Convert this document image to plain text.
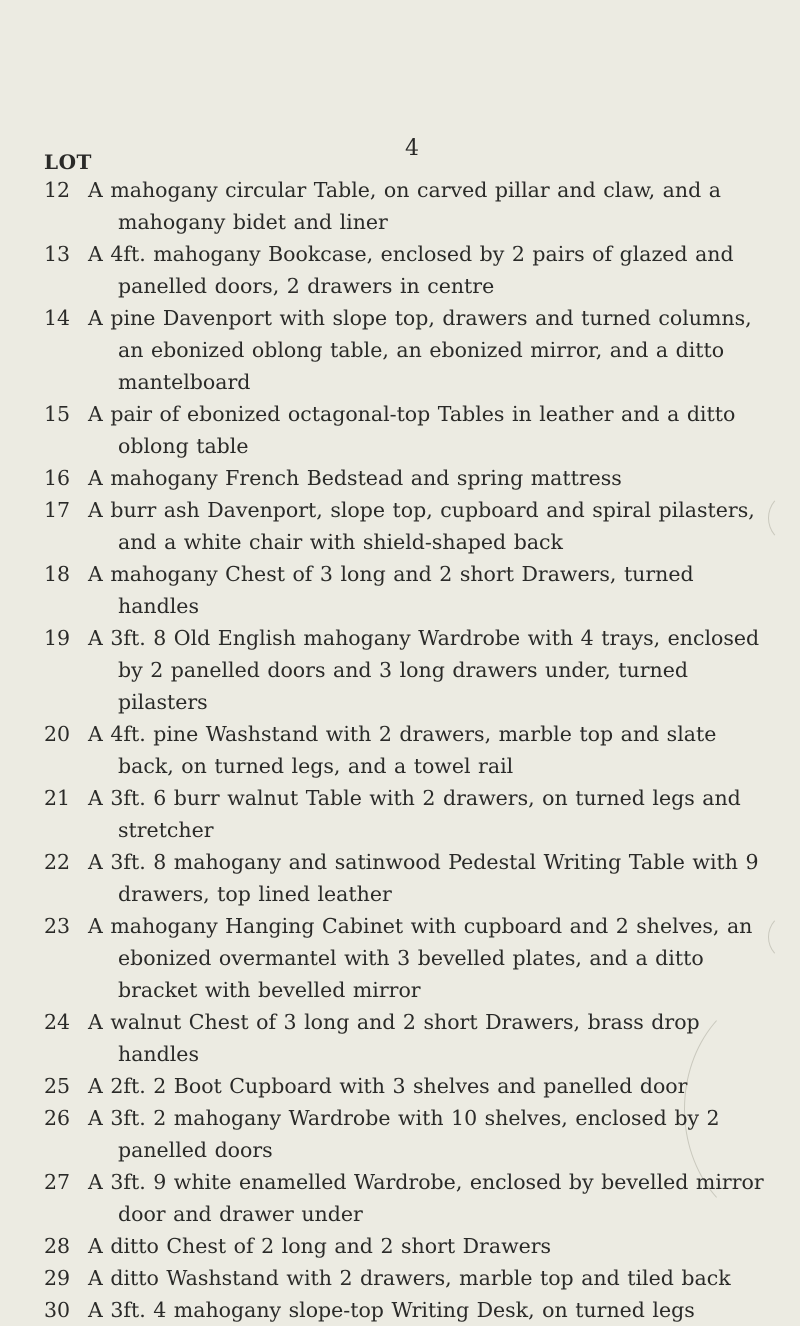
4
LOT
12 A mahogany circular Table, on carved pillar and claw, and a mahogany bidet and liner
13 A 4ft. mahogany Bookcase, enclosed by 2 pairs of glazed and panelled doors, 2 drawers in centre
14 A pine Davenport with slope top, drawers and turned columns, an ebonized oblong table, an ebonized mirror, and a ditto mantelboard
15 A pair of ebonized octagonal-top Tables in leather and a ditto oblong table
16 A mahogany French Bedstead and spring mattress
17 A burr ash Davenport, slope top, cupboard and spiral pilasters, and a white chair with shield-shaped back
18 A mahogany Chest of 3 long and 2 short Drawers, turned handles
19 A 3ft. 8 Old English mahogany Wardrobe with 4 trays, enclosed by 2 panelled doors and 3 long drawers under, turned pilasters
20 A 4ft. pine Washstand with 2 drawers, marble top and slate back, on turned legs, and a towel rail
21 A 3ft. 6 burr walnut Table with 2 drawers, on turned legs and stretcher
22 A 3ft. 8 mahogany and satinwood Pedestal Writing Table with 9 drawers, top lined leather
23 A mahogany Hanging Cabinet with cupboard and 2 shelves, an ebonized overmantel with 3 bevelled plates, and a ditto bracket with bevelled mirror
24 A walnut Chest of 3 long and 2 short Drawers, brass drop handles
25 A 2ft. 2 Boot Cupboard with 3 shelves and panelled door
26 A 3ft. 2 mahogany Wardrobe with 10 shelves, enclosed by 2 panelled doors
27 A 3ft. 9 white enamelled Wardrobe, enclosed by bevelled mirror door and drawer under
28 A ditto Chest of 2 long and 2 short Drawers
29 A ditto Washstand with 2 drawers, marble top and tiled back
30 A 3ft. 4 mahogany slope-top Writing Desk, on turned legs
